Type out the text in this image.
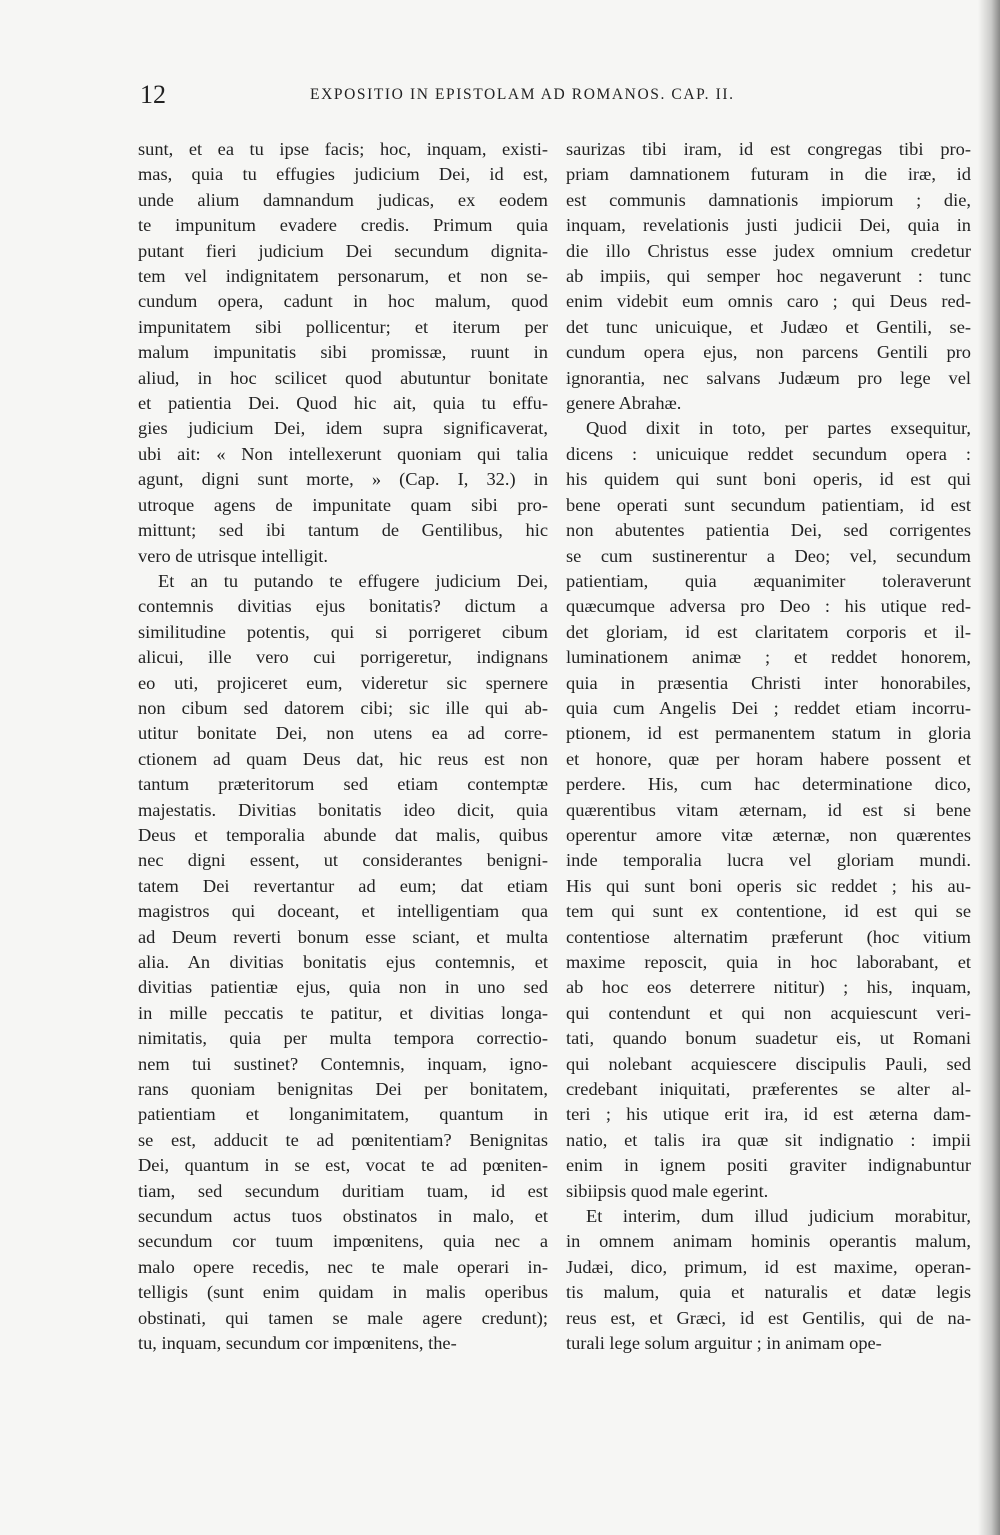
12	EXPOSITIO IN EPISTOLAM AD ROMANOS. CAP. II.
sunt, et ea tu ipse facis; hoc, inquam, existi-
mas, quia tu effugies judicium Dei, id est,
unde alium damnandum judicas, ex eodem
te impunitum evadere credis. Primum quia
putant fieri judicium Dei secundum dignita-
tem vel indignitatem personarum, et non se-
cundum opera, cadunt in hoc malum, quod
impunitatem sibi pollicentur; et iterum per
malum impunitatis sibi promissæ, ruunt in
aliud, in hoc scilicet quod abutuntur bonitate
et patientia Dei. Quod hic ait, quia tu effu-
gies judicium Dei, idem supra significaverat,
ubi ait: « Non intellexerunt quoniam qui talia
agunt, digni sunt morte, » (Cap. I, 32.) in
utroque agens de impunitate quam sibi pro-
mittunt; sed ibi tantum de Gentilibus, hic
vero de utrisque intelligit.
Et an tu putando te effugere judicium Dei,
contemnis divitias ejus bonitatis? dictum a
similitudine potentis, qui si porrigeret cibum
alicui, ille vero cui porrigeretur, indignans
eo uti, projiceret eum, videretur sic spernere
non cibum sed datorem cibi; sic ille qui ab-
utitur bonitate Dei, non utens ea ad corre-
ctionem ad quam Deus dat, hic reus est non
tantum præteritorum sed etiam contemptæ
majestatis. Divitias bonitatis ideo dicit, quia
Deus et temporalia abunde dat malis, quibus
nec digni essent, ut considerantes benigni-
tatem Dei revertantur ad eum; dat etiam
magistros qui doceant, et intelligentiam qua
ad Deum reverti bonum esse sciant, et multa
alia. An divitias bonitatis ejus contemnis, et
divitias patientiæ ejus, quia non in uno sed
in mille peccatis te patitur, et divitias longa-
nimitatis, quia per multa tempora correctio-
nem tui sustinet? Contemnis, inquam, igno-
rans quoniam benignitas Dei per bonitatem,
patientiam et longanimitatem, quantum in
se est, adducit te ad pœnitentiam? Benignitas
Dei, quantum in se est, vocat te ad pœniten-
tiam, sed secundum duritiam tuam, id est
secundum actus tuos obstinatos in malo, et
secundum cor tuum impœnitens, quia nec a
malo opere recedis, nec te male operari in-
telligis (sunt enim quidam in malis operibus
obstinati, qui tamen se male agere credunt);
tu, inquam, secundum cor impœnitens, the-
saurizas tibi iram, id est congregas tibi pro-
priam damnationem futuram in die iræ, id
est communis damnationis impiorum ; die,
inquam, revelationis justi judicii Dei, quia in
die illo Christus esse judex omnium credetur
ab impiis, qui semper hoc negaverunt : tunc
enim videbit eum omnis caro ; qui Deus red-
det tunc unicuique, et Judæo et Gentili, se-
cundum opera ejus, non parcens Gentili pro
ignorantia, nec salvans Judæum pro lege vel
genere Abrahæ.
Quod dixit in toto, per partes exsequitur,
dicens : unicuique reddet secundum opera :
his quidem qui sunt boni operis, id est qui
bene operati sunt secundum patientiam, id est
non abutentes patientia Dei, sed corrigentes
se cum sustinerentur a Deo; vel, secundum
patientiam, quia æquanimiter toleraverunt
quæcumque adversa pro Deo : his utique red-
det gloriam, id est claritatem corporis et il-
luminationem animæ ; et reddet honorem,
quia in præsentia Christi inter honorabiles,
quia cum Angelis Dei ; reddet etiam incorru-
ptionem, id est permanentem statum in gloria
et honore, quæ per horam habere possent et
perdere. His, cum hac determinatione dico,
quærentibus vitam æternam, id est si bene
operentur amore vitæ æternæ, non quærentes
inde temporalia lucra vel gloriam mundi.
His qui sunt boni operis sic reddet ; his au-
tem qui sunt ex contentione, id est qui se
contentiose alternatim præferunt (hoc vitium
maxime reposcit, quia in hoc laborabant, et
ab hoc eos deterrere nititur) ; his, inquam,
qui contendunt et qui non acquiescunt veri-
tati, quando bonum suadetur eis, ut Romani
qui nolebant acquiescere discipulis Pauli, sed
credebant iniquitati, præferentes se alter al-
teri ; his utique erit ira, id est æterna dam-
natio, et talis ira quæ sit indignatio : impii
enim in ignem positi graviter indignabuntur
sibiipsis quod male egerint.
Et interim, dum illud judicium morabitur,
in omnem animam hominis operantis malum,
Judæi, dico, primum, id est maxime, operan-
tis malum, quia et naturalis et datæ legis
reus est, et Græci, id est Gentilis, qui de na-
turali lege solum arguitur ; in animam ope-
